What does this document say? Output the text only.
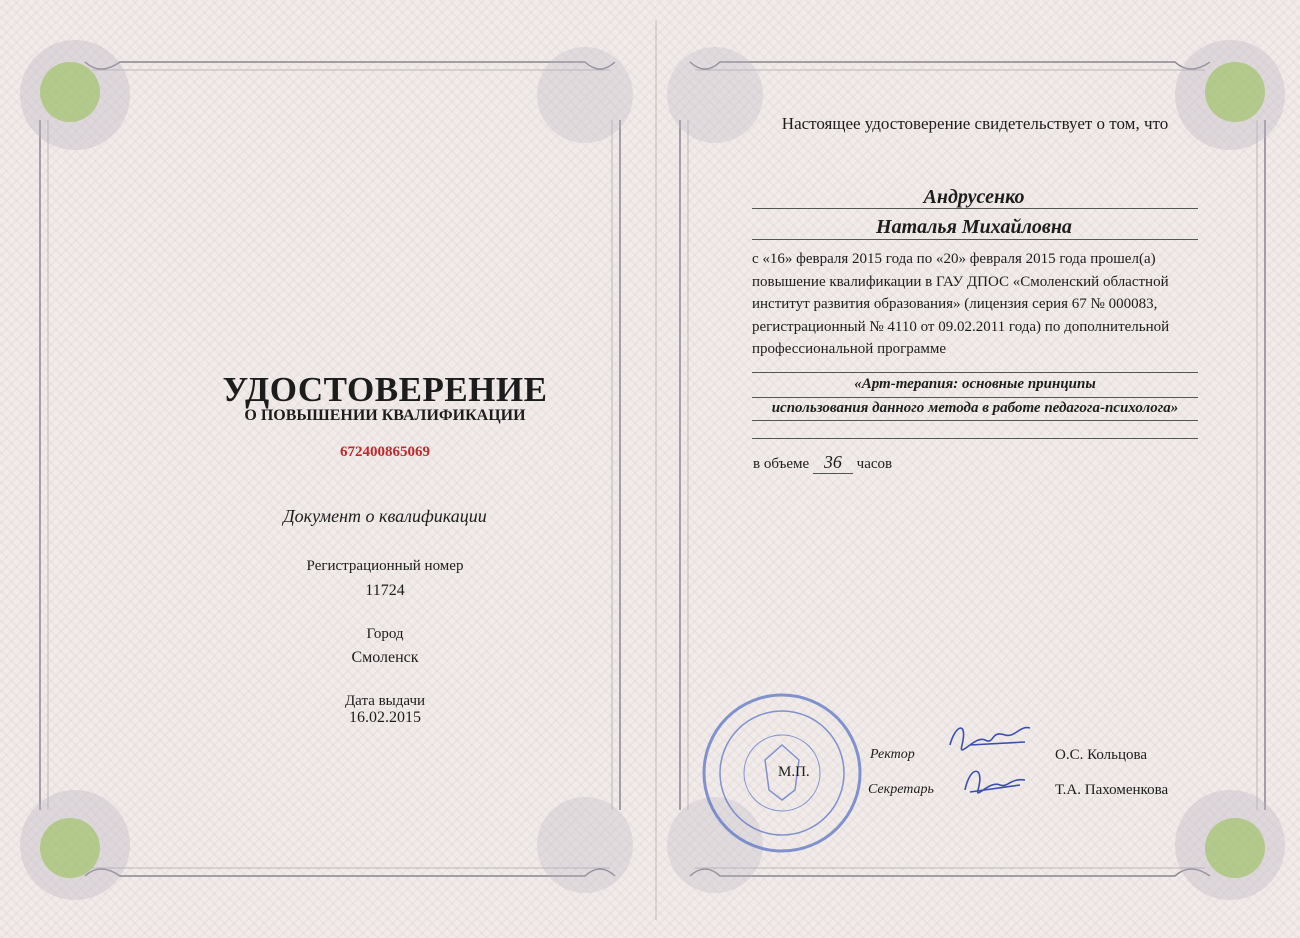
УДОСТОВЕРЕНИЕ
О ПОВЫШЕНИИ КВАЛИФИКАЦИИ
672400865069
Документ о квалификации
Регистрационный номер
11724
Город
Смоленск
Дата выдачи
16.02.2015
Настоящее удостоверение свидетельствует о том, что
Андрусенко
Наталья Михайловна
с «16» февраля 2015 года по «20» февраля 2015 года прошел(а)
повышение квалификации в ГАУ ДПОС «Смоленский областной
институт развития образования» (лицензия серия 67 № 000083,
регистрационный № 4110 от 09.02.2011 года) по дополнительной
профессиональной программе
«Арт-терапия: основные принципы
использования данного метода в работе педагога-психолога»
в объеме 36 часов
М.П.
Ректор	О.С. Кольцова
Секретарь	Т.А. Пахоменкова
